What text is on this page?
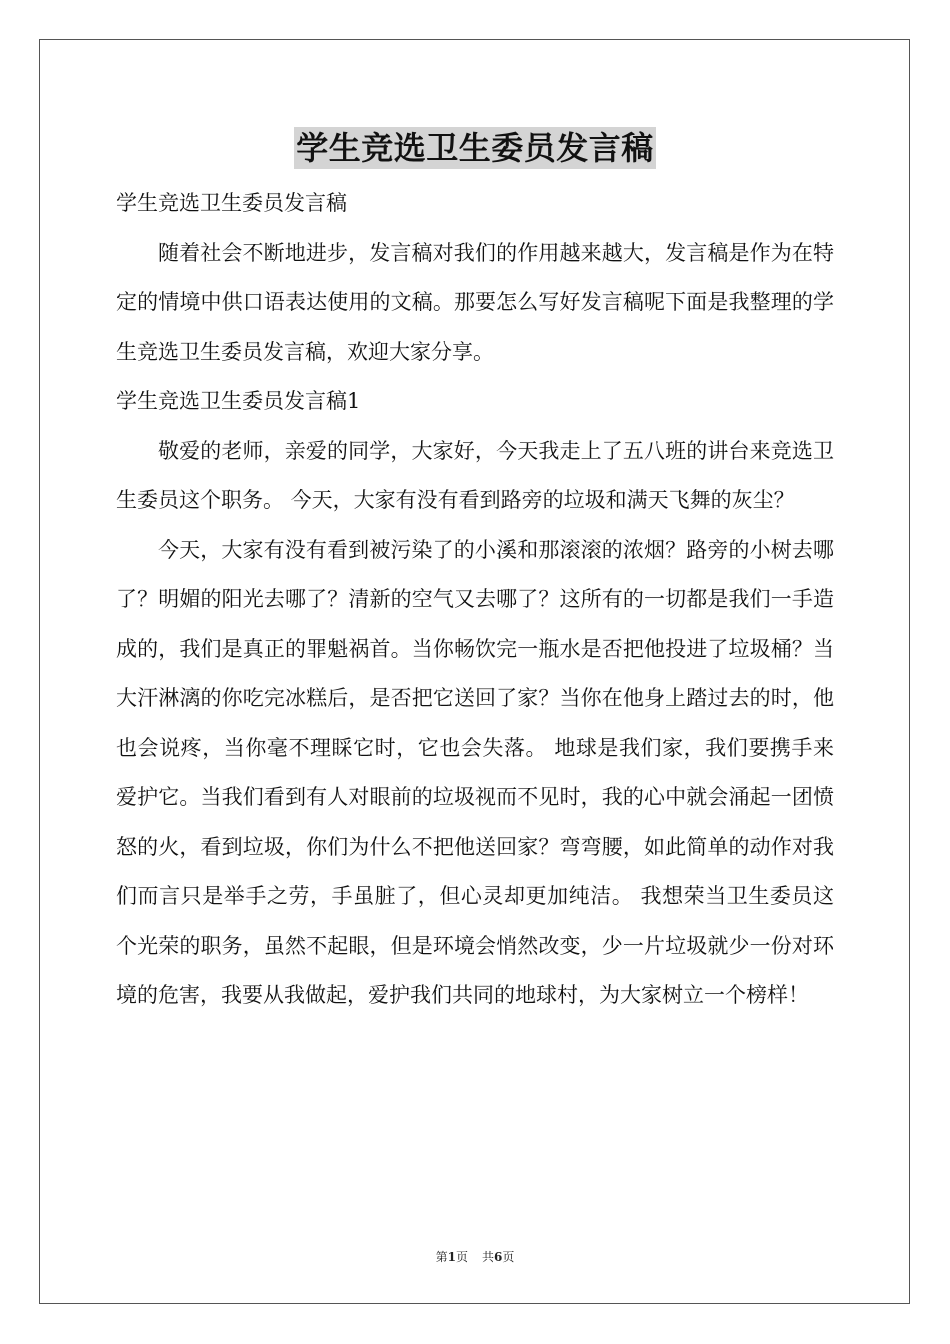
学生竞选卫生委员发言稿

学生竞选卫生委员发言稿

随着社会不断地进步，发言稿对我们的作用越来越大，发言稿是作为在特定的情境中供口语表达使用的文稿。那要怎么写好发言稿呢下面是我整理的学生竞选卫生委员发言稿，欢迎大家分享。

学生竞选卫生委员发言稿1

敬爱的老师，亲爱的同学，大家好，今天我走上了五八班的讲台来竞选卫生委员这个职务。 今天，大家有没有看到路旁的垃圾和满天飞舞的灰尘？

今天，大家有没有看到被污染了的小溪和那滚滚的浓烟？路旁的小树去哪了？明媚的阳光去哪了？清新的空气又去哪了？这所有的一切都是我们一手造成的，我们是真正的罪魁祸首。当你畅饮完一瓶水是否把他投进了垃圾桶？当大汗淋漓的你吃完冰糕后，是否把它送回了家？当你在他身上踏过去的时，他也会说疼，当你毫不理睬它时，它也会失落。 地球是我们家，我们要携手来爱护它。当我们看到有人对眼前的垃圾视而不见时，我的心中就会涌起一团愤怒的火，看到垃圾，你们为什么不把他送回家？弯弯腰，如此简单的动作对我们而言只是举手之劳，手虽脏了，但心灵却更加纯洁。 我想荣当卫生委员这个光荣的职务，虽然不起眼，但是环境会悄然改变，少一片垃圾就少一份对环境的危害，我要从我做起，爱护我们共同的地球村，为大家树立一个榜样！

第1页 共6页
